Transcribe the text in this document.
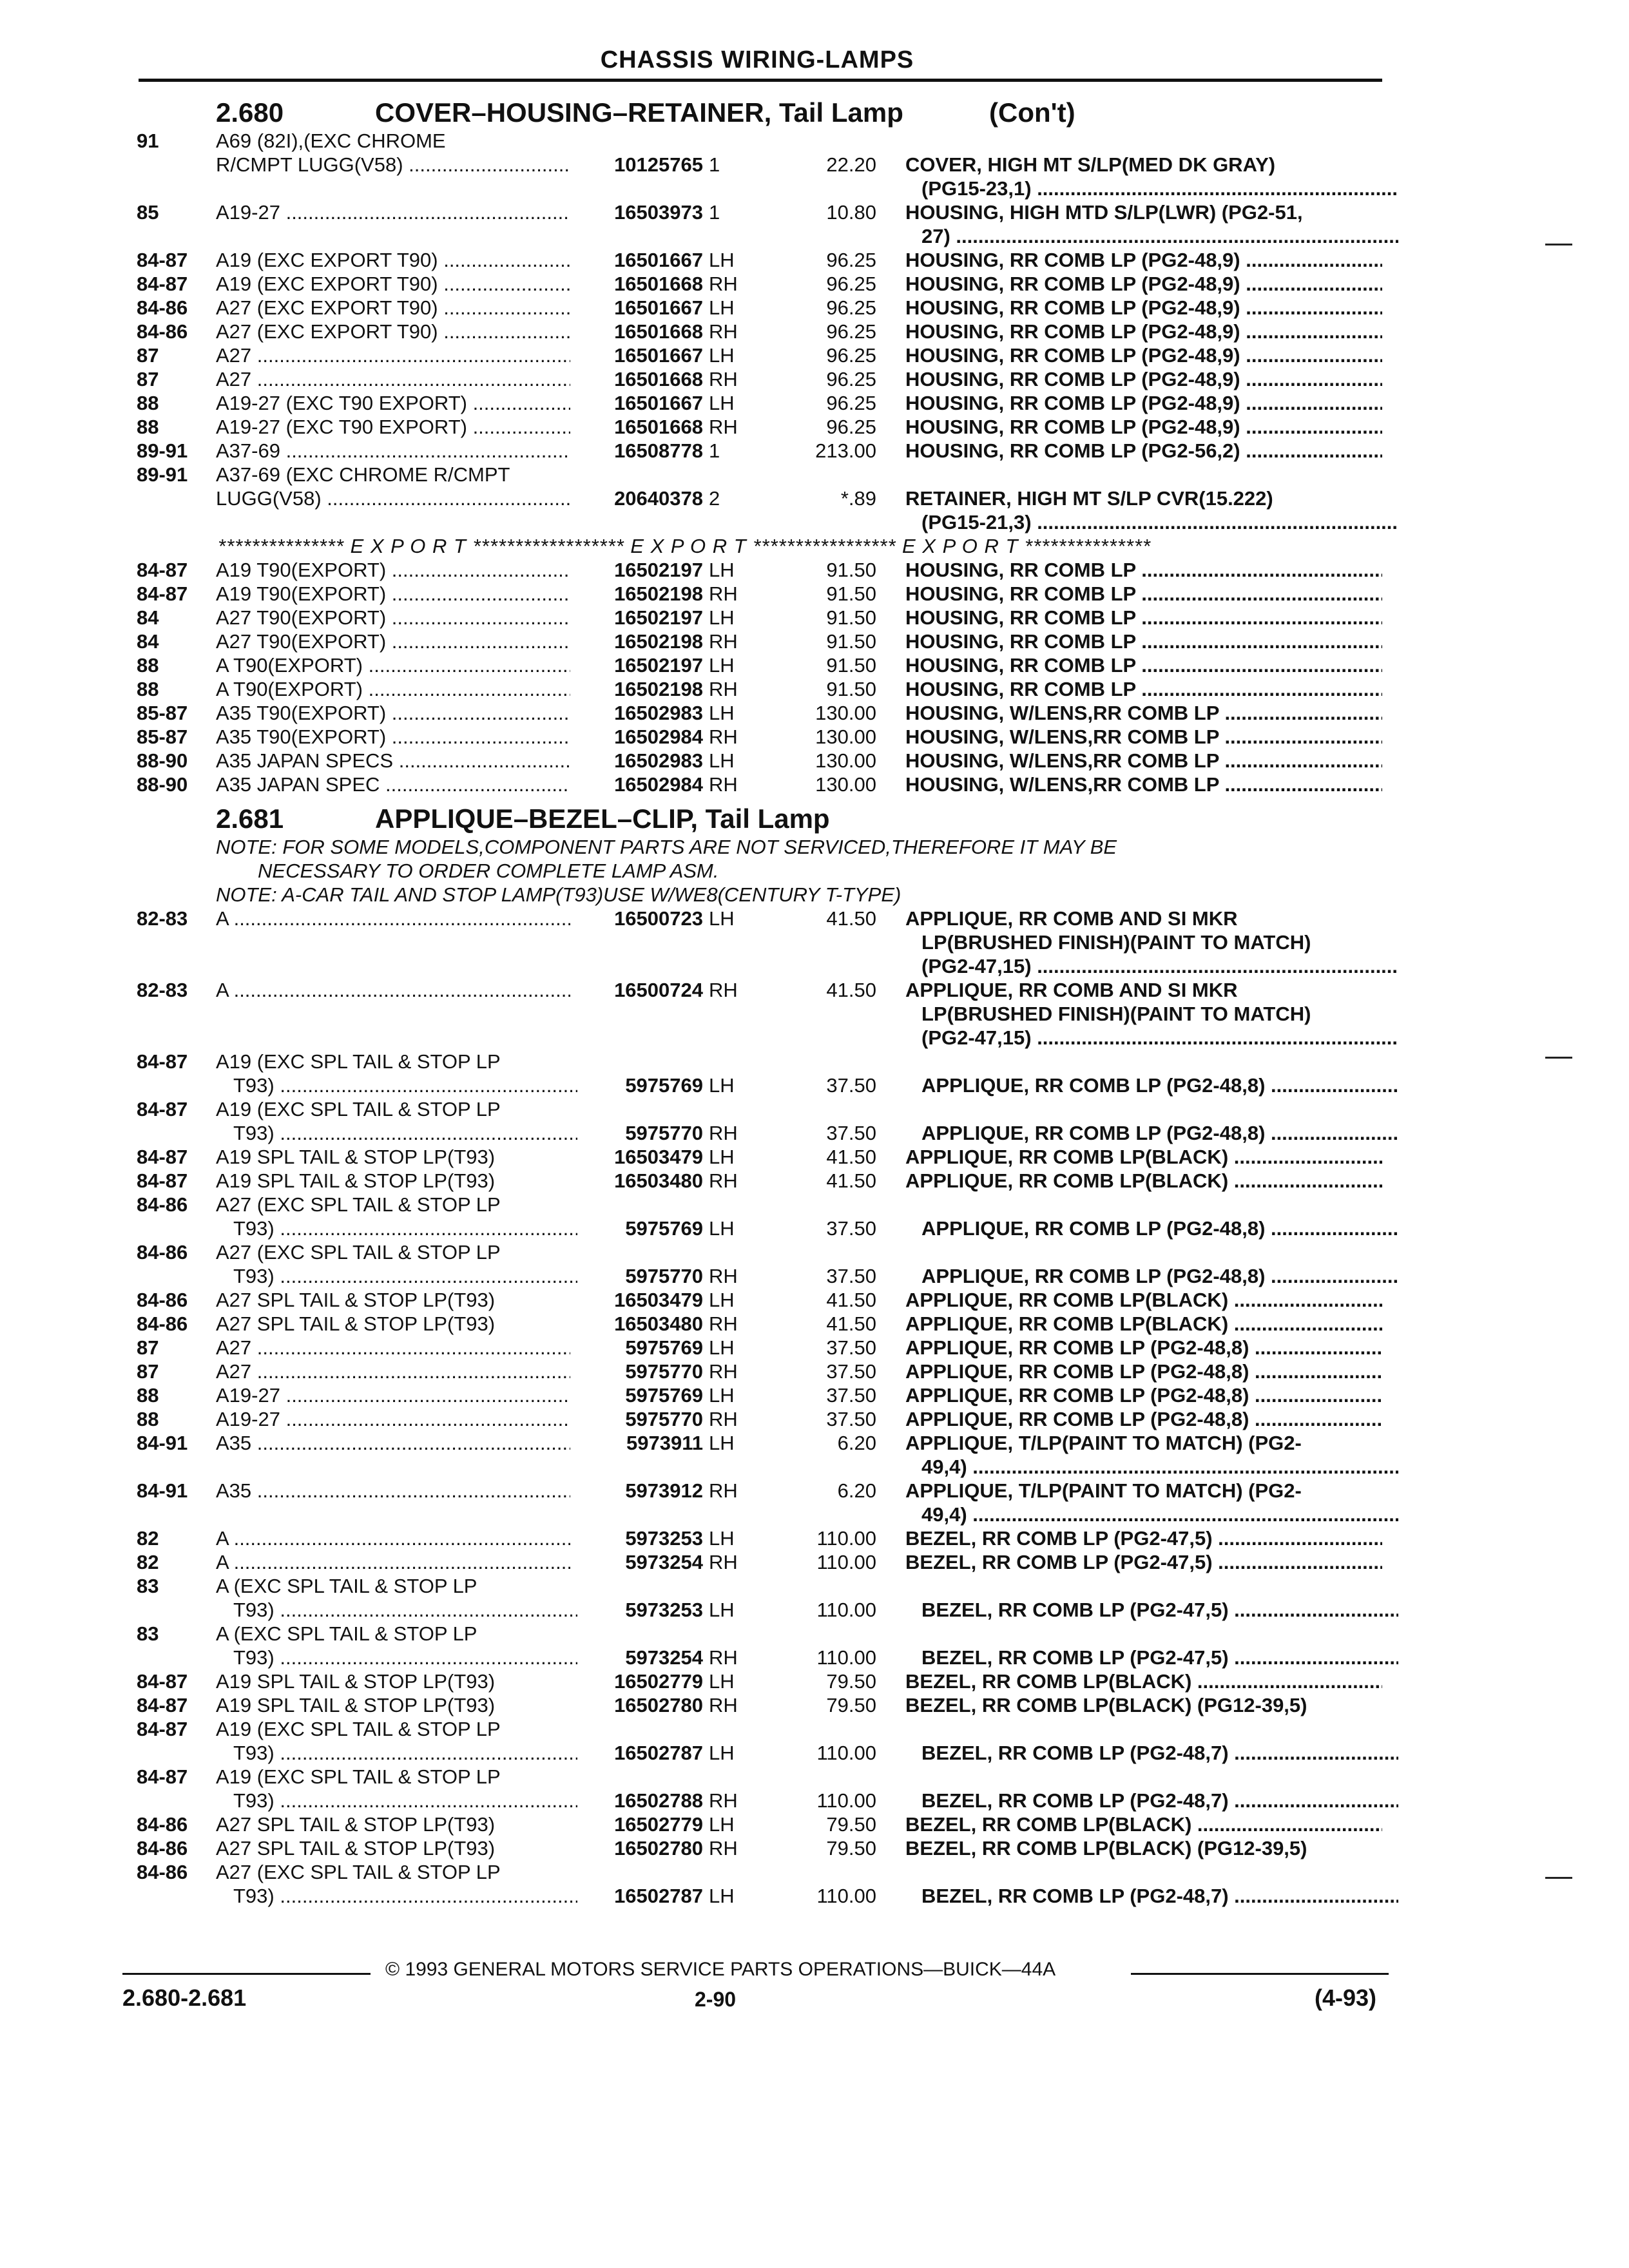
CHASSIS WIRING-LAMPS
2.680	COVER–HOUSING–RETAINER, Tail Lamp	(Con't)
91	A69 (82I),(EXC CHROME
R/CMPT LUGG(V58) .....	10125765 1	22.20 COVER, HIGH MT S/LP(MED DK GRAY)
(PG15-23,1) .....
85	A19-27 .....	16503973 1	10.80 HOUSING, HIGH MTD S/LP(LWR) (PG2-51,
27) .....
84-87	A19 (EXC EXPORT T90) .....	16501667 LH	96.25 HOUSING, RR COMB LP (PG2-48,9) .....
84-87	A19 (EXC EXPORT T90) .....	16501668 RH	96.25 HOUSING, RR COMB LP (PG2-48,9) .....
84-86	A27 (EXC EXPORT T90) .....	16501667 LH	96.25 HOUSING, RR COMB LP (PG2-48,9) .....
84-86	A27 (EXC EXPORT T90) .....	16501668 RH	96.25 HOUSING, RR COMB LP (PG2-48,9) .....
87	A27 .....	16501667 LH	96.25 HOUSING, RR COMB LP (PG2-48,9) .....
87	A27 .....	16501668 RH	96.25 HOUSING, RR COMB LP (PG2-48,9) .....
88	A19-27 (EXC T90 EXPORT) .....	16501667 LH	96.25 HOUSING, RR COMB LP (PG2-48,9) .....
88	A19-27 (EXC T90 EXPORT) .....	16501668 RH	96.25 HOUSING, RR COMB LP (PG2-48,9) .....
89-91	A37-69 .....	16508778 1	213.00 HOUSING, RR COMB LP (PG2-56,2) .....
89-91	A37-69 (EXC CHROME R/CMPT
LUGG(V58) .....	20640378 2	*.89 RETAINER, HIGH MT S/LP CVR(15.222)
(PG15-21,3) .....
*************** E X P O R T ****************** E X P O R T ***************** E X P O R T ***************
84-87	A19 T90(EXPORT) .....	16502197 LH	91.50 HOUSING, RR COMB LP .....
84-87	A19 T90(EXPORT) .....	16502198 RH	91.50 HOUSING, RR COMB LP .....
84	A27 T90(EXPORT) .....	16502197 LH	91.50 HOUSING, RR COMB LP .....
84	A27 T90(EXPORT) .....	16502198 RH	91.50 HOUSING, RR COMB LP .....
88	A T90(EXPORT) .....	16502197 LH	91.50 HOUSING, RR COMB LP .....
88	A T90(EXPORT) .....	16502198 RH	91.50 HOUSING, RR COMB LP .....
85-87	A35 T90(EXPORT) .....	16502983 LH	130.00 HOUSING, W/LENS,RR COMB LP .....
85-87	A35 T90(EXPORT) .....	16502984 RH	130.00 HOUSING, W/LENS,RR COMB LP .....
88-90	A35 JAPAN SPECS .....	16502983 LH	130.00 HOUSING, W/LENS,RR COMB LP .....
88-90	A35 JAPAN SPEC .....	16502984 RH	130.00 HOUSING, W/LENS,RR COMB LP .....
2.681	APPLIQUE–BEZEL–CLIP, Tail Lamp
NOTE: FOR SOME MODELS,COMPONENT PARTS ARE NOT SERVICED,THEREFORE IT MAY BE
NECESSARY TO ORDER COMPLETE LAMP ASM.
NOTE: A-CAR TAIL AND STOP LAMP(T93)USE W/WE8(CENTURY T-TYPE)
82-83	A .....	16500723 LH	41.50 APPLIQUE, RR COMB AND SI MKR
LP(BRUSHED FINISH)(PAINT TO MATCH)
(PG2-47,15) .....
82-83	A .....	16500724 RH	41.50 APPLIQUE, RR COMB AND SI MKR
LP(BRUSHED FINISH)(PAINT TO MATCH)
(PG2-47,15) .....
84-87	A19 (EXC SPL TAIL & STOP LP
T93) .....	5975769 LH	37.50 APPLIQUE, RR COMB LP (PG2-48,8) .....
84-87	A19 (EXC SPL TAIL & STOP LP
T93) .....	5975770 RH	37.50 APPLIQUE, RR COMB LP (PG2-48,8) .....
84-87	A19 SPL TAIL & STOP LP(T93)	16503479 LH	41.50 APPLIQUE, RR COMB LP(BLACK) .....
84-87	A19 SPL TAIL & STOP LP(T93)	16503480 RH	41.50 APPLIQUE, RR COMB LP(BLACK) .....
84-86	A27 (EXC SPL TAIL & STOP LP
T93) .....	5975769 LH	37.50 APPLIQUE, RR COMB LP (PG2-48,8) .....
84-86	A27 (EXC SPL TAIL & STOP LP
T93) .....	5975770 RH	37.50 APPLIQUE, RR COMB LP (PG2-48,8) .....
84-86	A27 SPL TAIL & STOP LP(T93)	16503479 LH	41.50 APPLIQUE, RR COMB LP(BLACK) .....
84-86	A27 SPL TAIL & STOP LP(T93)	16503480 RH	41.50 APPLIQUE, RR COMB LP(BLACK) .....
87	A27 .....	5975769 LH	37.50 APPLIQUE, RR COMB LP (PG2-48,8) .....
87	A27 .....	5975770 RH	37.50 APPLIQUE, RR COMB LP (PG2-48,8) .....
88	A19-27 .....	5975769 LH	37.50 APPLIQUE, RR COMB LP (PG2-48,8) .....
88	A19-27 .....	5975770 RH	37.50 APPLIQUE, RR COMB LP (PG2-48,8) .....
84-91	A35 .....	5973911 LH	6.20 APPLIQUE, T/LP(PAINT TO MATCH) (PG2-
49,4) .....
84-91	A35 .....	5973912 RH	6.20 APPLIQUE, T/LP(PAINT TO MATCH) (PG2-
49,4) .....
82	A .....	5973253 LH	110.00 BEZEL, RR COMB LP (PG2-47,5) .....
82	A .....	5973254 RH	110.00 BEZEL, RR COMB LP (PG2-47,5) .....
83	A (EXC SPL TAIL & STOP LP
T93) .....	5973253 LH	110.00 BEZEL, RR COMB LP (PG2-47,5) .....
83	A (EXC SPL TAIL & STOP LP
T93) .....	5973254 RH	110.00 BEZEL, RR COMB LP (PG2-47,5) .....
84-87	A19 SPL TAIL & STOP LP(T93)	16502779 LH	79.50 BEZEL, RR COMB LP(BLACK) .....
84-87	A19 SPL TAIL & STOP LP(T93)	16502780 RH	79.50 BEZEL, RR COMB LP(BLACK) (PG12-39,5)
84-87	A19 (EXC SPL TAIL & STOP LP
T93) .....	16502787 LH	110.00 BEZEL, RR COMB LP (PG2-48,7) .....
84-87	A19 (EXC SPL TAIL & STOP LP
T93) .....	16502788 RH	110.00 BEZEL, RR COMB LP (PG2-48,7) .....
84-86	A27 SPL TAIL & STOP LP(T93)	16502779 LH	79.50 BEZEL, RR COMB LP(BLACK) .....
84-86	A27 SPL TAIL & STOP LP(T93)	16502780 RH	79.50 BEZEL, RR COMB LP(BLACK) (PG12-39,5)
84-86	A27 (EXC SPL TAIL & STOP LP
T93) .....	16502787 LH	110.00 BEZEL, RR COMB LP (PG2-48,7) .....
© 1993 GENERAL MOTORS SERVICE PARTS OPERATIONS—BUICK—44A
2.680-2.681	2-90	(4-93)
